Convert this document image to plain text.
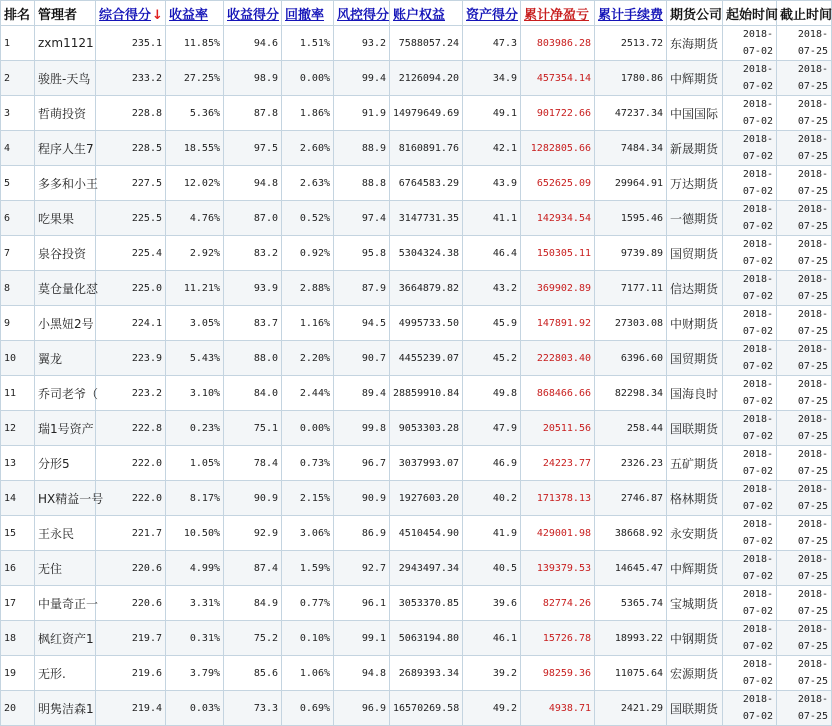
排名	管理者	综合得分↓	收益率	收益得分	回撤率	风控得分	账户权益	资产得分	累计净盈亏	累计手续费	期货公司	起始时间	截止时间
1	zxm1121	235.1	11.85%	94.6	1.51%	93.2	7588057.24	47.3	803986.28	2513.72	东海期货	2018-07-02	2018-07-25
2	骏胜-天鸟	233.2	27.25%	98.9	0.00%	99.4	2126094.20	34.9	457354.14	1780.86	中辉期货	2018-07-02	2018-07-25
3	哲萌投资	228.8	5.36%	87.8	1.86%	91.9	14979649.69	49.1	901722.66	47237.34	中国国际	2018-07-02	2018-07-25
4	程序人生7	228.5	18.55%	97.5	2.60%	88.9	8160891.76	42.1	1282805.66	7484.34	新晟期货	2018-07-02	2018-07-25
5	多多和小王	227.5	12.02%	94.8	2.63%	88.8	6764583.29	43.9	652625.09	29964.91	万达期货	2018-07-02	2018-07-25
6	吃果果	225.5	4.76%	87.0	0.52%	97.4	3147731.35	41.1	142934.54	1595.46	一德期货	2018-07-02	2018-07-25
7	泉谷投资	225.4	2.92%	83.2	0.92%	95.8	5304324.38	46.4	150305.11	9739.89	国贸期货	2018-07-02	2018-07-25
8	莫仓量化怼	225.0	11.21%	93.9	2.88%	87.9	3664879.82	43.2	369902.89	7177.11	信达期货	2018-07-02	2018-07-25
9	小黑妞2号	224.1	3.05%	83.7	1.16%	94.5	4995733.50	45.9	147891.92	27303.08	中财期货	2018-07-02	2018-07-25
10	翼龙	223.9	5.43%	88.0	2.20%	90.7	4455239.07	45.2	222803.40	6396.60	国贸期货	2018-07-02	2018-07-25
11	乔司老爷（	223.2	3.10%	84.0	2.44%	89.4	28859910.84	49.8	868466.66	82298.34	国海良时	2018-07-02	2018-07-25
12	瑞1号资产	222.8	0.23%	75.1	0.00%	99.8	9053303.28	47.9	20511.56	258.44	国联期货	2018-07-02	2018-07-25
13	分形5	222.0	1.05%	78.4	0.73%	96.7	3037993.07	46.9	24223.77	2326.23	五矿期货	2018-07-02	2018-07-25
14	HX精益一号	222.0	8.17%	90.9	2.15%	90.9	1927603.20	40.2	171378.13	2746.87	格林期货	2018-07-02	2018-07-25
15	王永民	221.7	10.50%	92.9	3.06%	86.9	4510454.90	41.9	429001.98	38668.92	永安期货	2018-07-02	2018-07-25
16	无住	220.6	4.99%	87.4	1.59%	92.7	2943497.34	40.5	139379.53	14645.47	中辉期货	2018-07-02	2018-07-25
17	中量奇正一	220.6	3.31%	84.9	0.77%	96.1	3053370.85	39.6	82774.26	5365.74	宝城期货	2018-07-02	2018-07-25
18	枫红资产1	219.7	0.31%	75.2	0.10%	99.1	5063194.80	46.1	15726.78	18993.22	中钢期货	2018-07-02	2018-07-25
19	无形.	219.6	3.79%	85.6	1.06%	94.8	2689393.34	39.2	98259.36	11075.64	宏源期货	2018-07-02	2018-07-25
20	明隽洁森1	219.4	0.03%	73.3	0.69%	96.9	16570269.58	49.2	4938.71	2421.29	国联期货	2018-07-02	2018-07-25
